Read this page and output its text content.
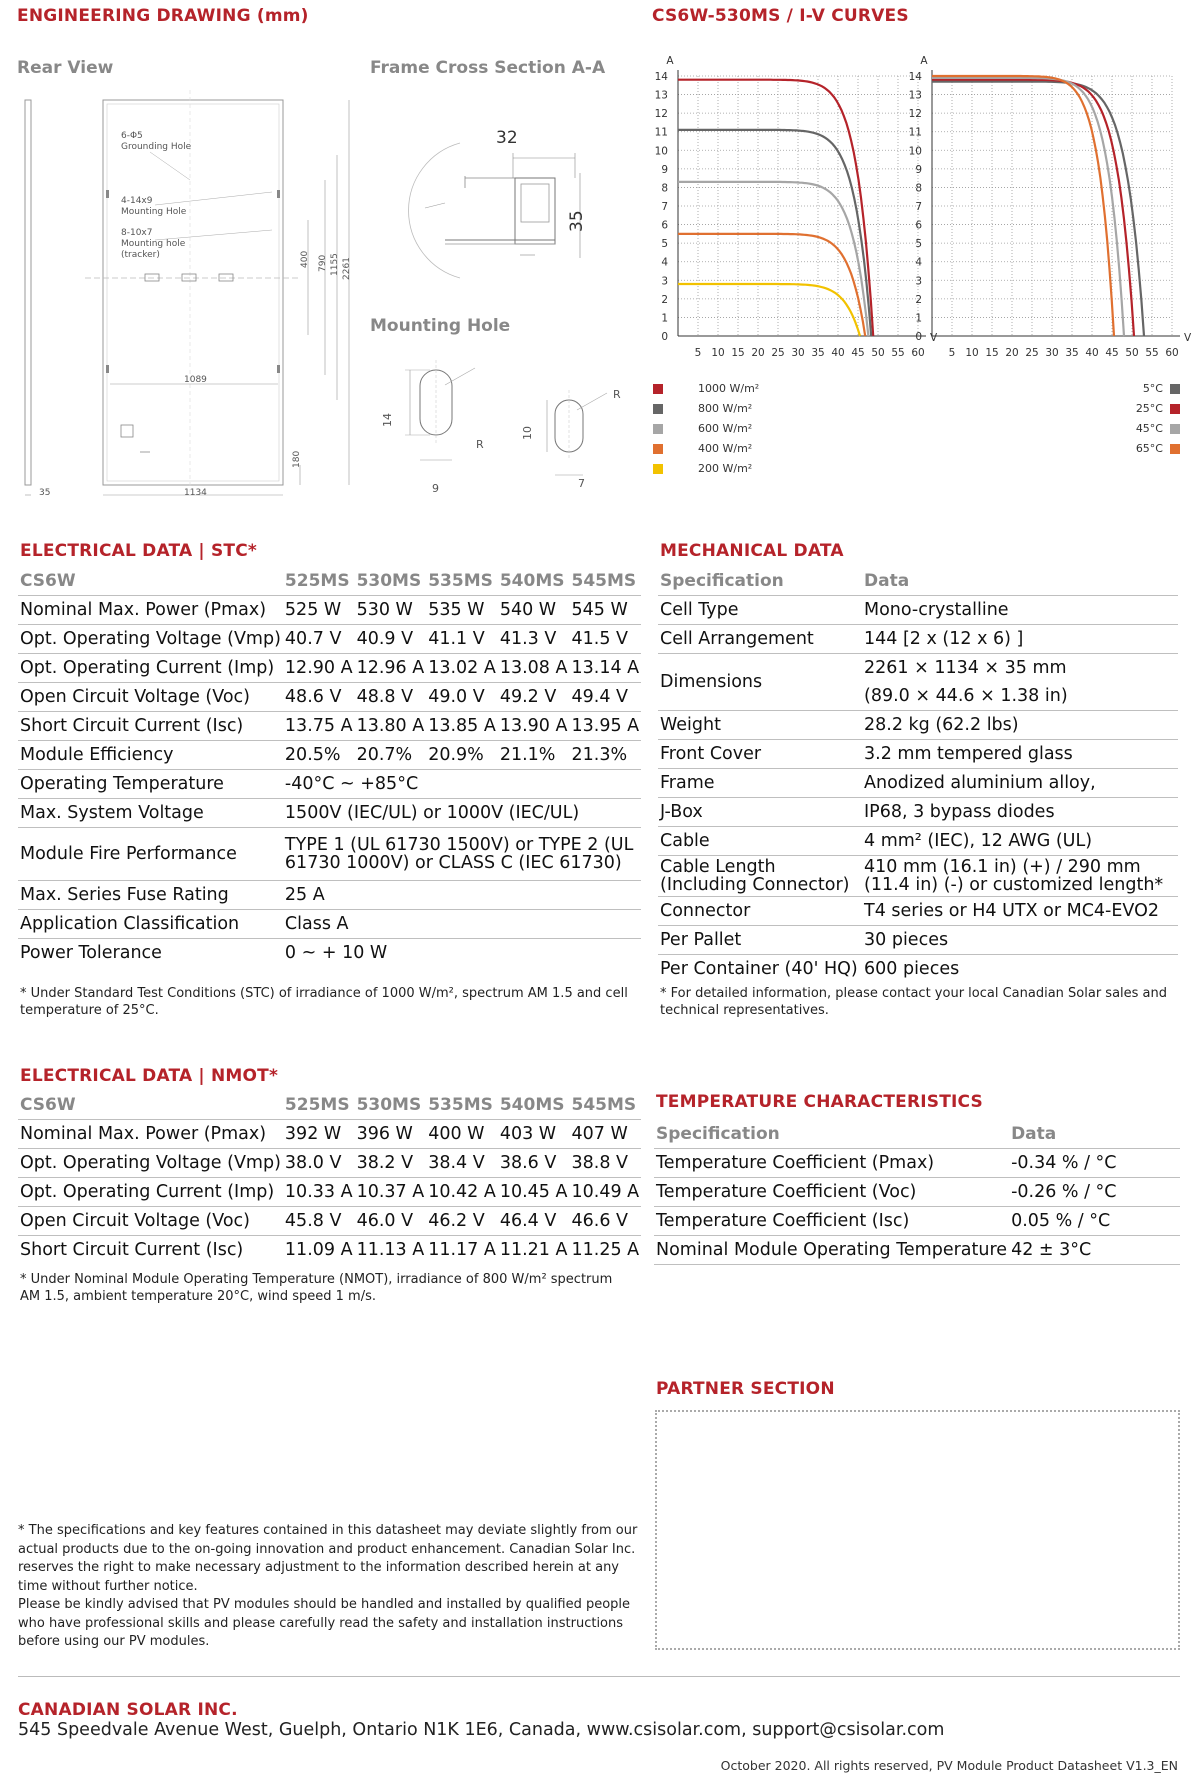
ENGINEERING DRAWING (mm)
Rear View	Frame Cross Section A-A
Mounting Hole
6-Φ5
Grounding Hole
4-14x9
Mounting Hole
8-10x7
Mounting hole
(tracker)	400 790 1155 2261
1089
180
35	1134
32
35
14
9
R
10
7
R
CS6W-530MS / I-V CURVES
14
13
12
11
10
9
8
7
6
5
4
3
2
1
0
5 10 15 20 25 30 35 40 45 50 55 60
A
V
14
13
12
11
10
9
8
7
6
5
4
3
2
1
0
5 10 15 20 25 30 35 40 45 50 55 60
A
V
1000 W/m²
800 W/m²
600 W/m²
400 W/m²
200 W/m²
5°C
25°C
45°C
65°C
ELECTRICAL DATA | STC*
CS6W	525MS	530MS	535MS	540MS	545MS
Nominal Max. Power (Pmax)	525 W	530 W	535 W	540 W	545 W
Opt. Operating Voltage (Vmp)	40.7 V	40.9 V	41.1 V	41.3 V	41.5 V
Opt. Operating Current (Imp)	12.90 A	12.96 A	13.02 A	13.08 A	13.14 A
Open Circuit Voltage (Voc)	48.6 V	48.8 V	49.0 V	49.2 V	49.4 V
Short Circuit Current (Isc)	13.75 A	13.80 A	13.85 A	13.90 A	13.95 A
Module Efficiency	20.5%	20.7%	20.9%	21.1%	21.3%
Operating Temperature	-40°C ~ +85°C				
Max. System Voltage	1500V (IEC/UL) or 1000V (IEC/UL)				
Module Fire Performance	TYPE 1 (UL 61730 1500V) or TYPE 2 (UL 61730 1000V) or CLASS C (IEC 61730)				
Max. Series Fuse Rating	25 A				
Application Classification	Class A				
Power Tolerance	0 ~ + 10 W				
* Under Standard Test Conditions (STC) of irradiance of 1000 W/m², spectrum AM 1.5 and cell temperature of 25°C.
MECHANICAL DATA
Specification	Data
Cell Type	Mono-crystalline
Cell Arrangement	144 [2 x (12 x 6) ]
Dimensions	2261 × 1134 × 35 mm
(89.0 × 44.6 × 1.38 in)

Weight	28.2 kg (62.2 lbs)
Front Cover	3.2 mm tempered glass
Frame	Anodized aluminium alloy,
J-Box	IP68, 3 bypass diodes
Cable	4 mm² (IEC), 12 AWG (UL)
Cable Length (Including Connector)	410 mm (16.1 in) (+) / 290 mm (11.4 in) (-) or customized length*
Connector	T4 series or H4 UTX or MC4-EVO2
Per Pallet	30 pieces
Per Container (40' HQ)	600 pieces
* For detailed information, please contact your local Canadian Solar sales and technical representatives.
ELECTRICAL DATA | NMOT*
CS6W	525MS	530MS	535MS	540MS	545MS
Nominal Max. Power (Pmax)	392 W	396 W	400 W	403 W	407 W
Opt. Operating Voltage (Vmp)	38.0 V	38.2 V	38.4 V	38.6 V	38.8 V
Opt. Operating Current (Imp)	10.33 A	10.37 A	10.42 A	10.45 A	10.49 A
Open Circuit Voltage (Voc)	45.8 V	46.0 V	46.2 V	46.4 V	46.6 V
Short Circuit Current (Isc)	11.09 A	11.13 A	11.17 A	11.21 A	11.25 A
* Under Nominal Module Operating Temperature (NMOT), irradiance of 800 W/m² spectrum AM 1.5, ambient temperature 20°C, wind speed 1 m/s.
TEMPERATURE CHARACTERISTICS
Specification	Data
Temperature Coefficient (Pmax)	-0.34 % / °C
Temperature Coefficient (Voc)	-0.26 % / °C
Temperature Coefficient (Isc)	0.05 % / °C
Nominal Module Operating Temperature	42 ± 3°C
PARTNER SECTION
* The specifications and key features contained in this datasheet may deviate slightly from our actual products due to the on-going innovation and product enhancement. Canadian Solar Inc. reserves the right to make necessary adjustment to the information described herein at any time without further notice.
Please be kindly advised that PV modules should be handled and installed by qualified people who have professional skills and please carefully read the safety and installation instructions before using our PV modules.
CANADIAN SOLAR INC.
545 Speedvale Avenue West, Guelph, Ontario N1K 1E6, Canada, www.csisolar.com, support@csisolar.com
October 2020. All rights reserved, PV Module Product Datasheet V1.3_EN
